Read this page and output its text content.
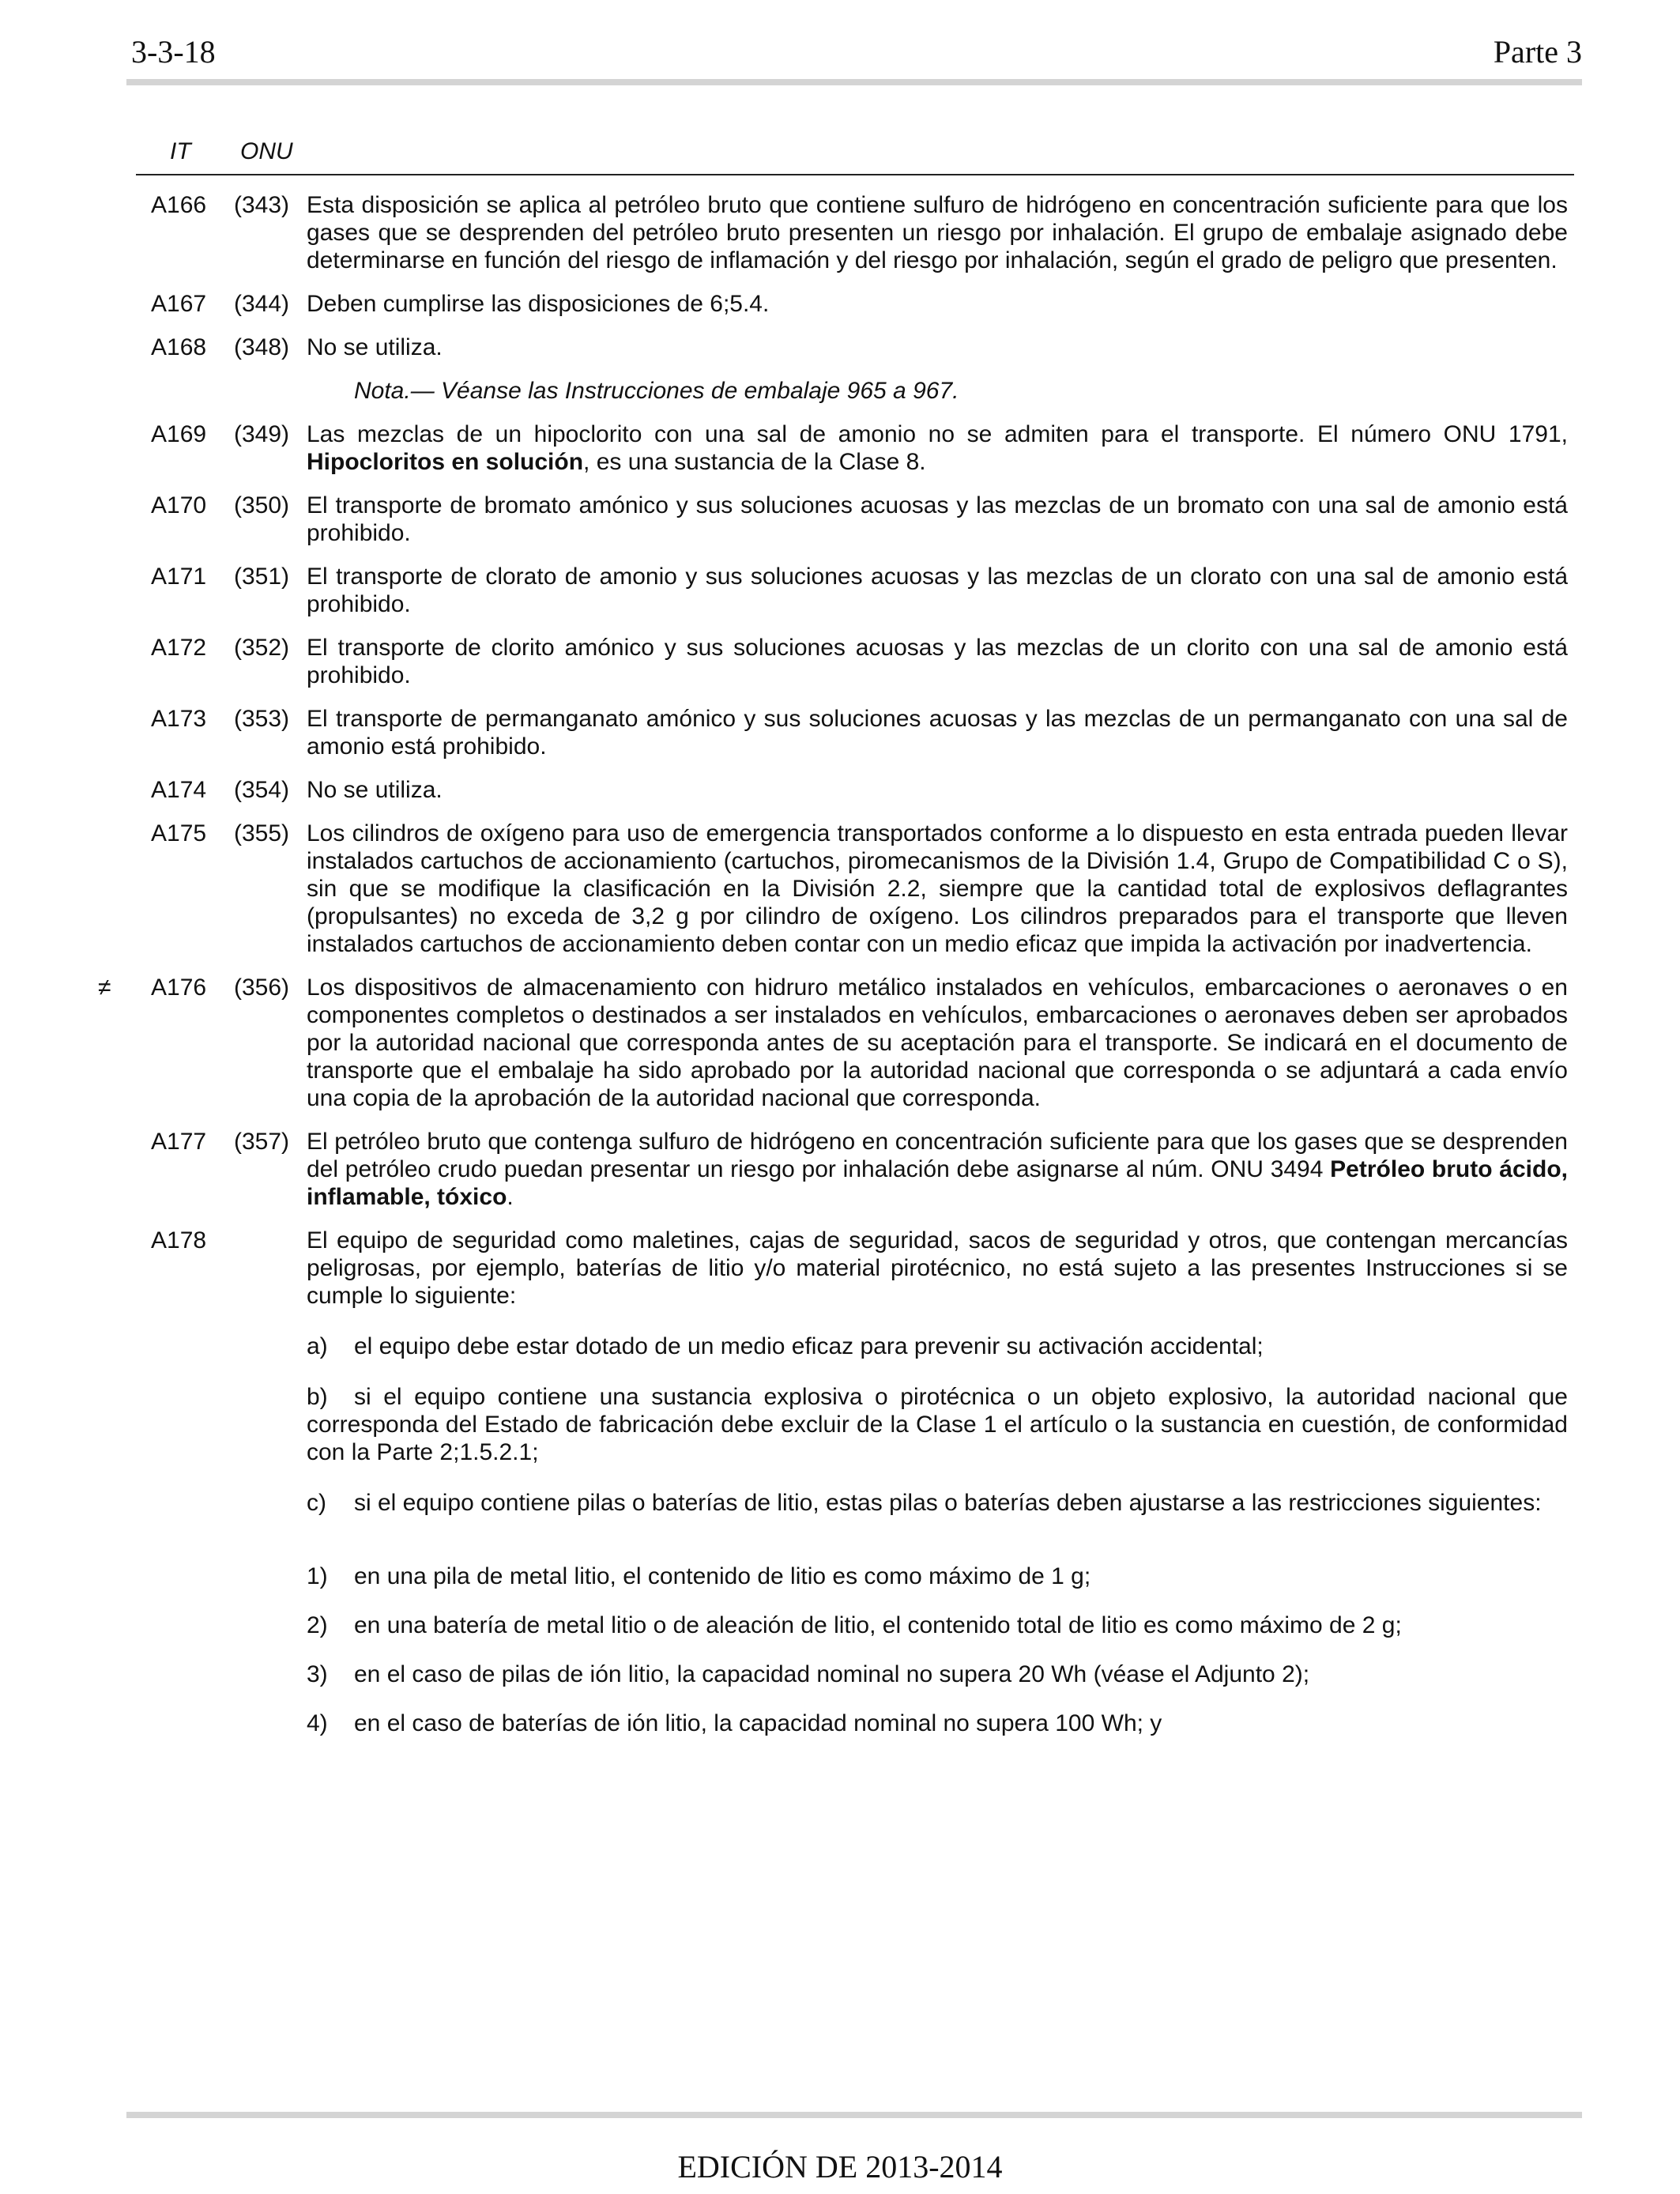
3-3-18	Parte 3
IT ONU
A166 (343) Esta disposición se aplica al petróleo bruto que contiene sulfuro de hidrógeno en concentración suficiente para que los gases que se desprenden del petróleo bruto presenten un riesgo por inhalación. El grupo de embalaje asignado debe determinarse en función del riesgo de inflamación y del riesgo por inhalación, según el grado de peligro que presenten.
A167 (344) Deben cumplirse las disposiciones de 6;5.4.
A168 (348) No se utiliza.
Nota.— Véanse las Instrucciones de embalaje 965 a 967.
A169 (349) Las mezclas de un hipoclorito con una sal de amonio no se admiten para el transporte. El número ONU 1791, Hipocloritos en solución, es una sustancia de la Clase 8.
A170 (350) El transporte de bromato amónico y sus soluciones acuosas y las mezclas de un bromato con una sal de amonio está prohibido.
A171 (351) El transporte de clorato de amonio y sus soluciones acuosas y las mezclas de un clorato con una sal de amonio está prohibido.
A172 (352) El transporte de clorito amónico y sus soluciones acuosas y las mezclas de un clorito con una sal de amonio está prohibido.
A173 (353) El transporte de permanganato amónico y sus soluciones acuosas y las mezclas de un permanganato con una sal de amonio está prohibido.
A174 (354) No se utiliza.
A175 (355) Los cilindros de oxígeno para uso de emergencia transportados conforme a lo dispuesto en esta entrada pueden llevar instalados cartuchos de accionamiento (cartuchos, piromecanismos de la División 1.4, Grupo de Compatibilidad C o S), sin que se modifique la clasificación en la División 2.2, siempre que la cantidad total de explosivos deflagrantes (propulsantes) no exceda de 3,2 g por cilindro de oxígeno. Los cilindros preparados para el transporte que lleven instalados cartuchos de accionamiento deben contar con un medio eficaz que impida la activación por inadvertencia.
≠ A176 (356) Los dispositivos de almacenamiento con hidruro metálico instalados en vehículos, embarcaciones o aeronaves o en componentes completos o destinados a ser instalados en vehículos, embarcaciones o aeronaves deben ser aprobados por la autoridad nacional que corresponda antes de su aceptación para el transporte. Se indicará en el documento de transporte que el embalaje ha sido aprobado por la autoridad nacional que corresponda o se adjuntará a cada envío una copia de la aprobación de la autoridad nacional que corresponda.
A177 (357) El petróleo bruto que contenga sulfuro de hidrógeno en concentración suficiente para que los gases que se desprenden del petróleo crudo puedan presentar un riesgo por inhalación debe asignarse al núm. ONU 3494 Petróleo bruto ácido, inflamable, tóxico.
A178	El equipo de seguridad como maletines, cajas de seguridad, sacos de seguridad y otros, que contengan mercancías peligrosas, por ejemplo, baterías de litio y/o material pirotécnico, no está sujeto a las presentes Instrucciones si se cumple lo siguiente:
a) el equipo debe estar dotado de un medio eficaz para prevenir su activación accidental;
b) si el equipo contiene una sustancia explosiva o pirotécnica o un objeto explosivo, la autoridad nacional que corresponda del Estado de fabricación debe excluir de la Clase 1 el artículo o la sustancia en cuestión, de conformidad con la Parte 2;1.5.2.1;
c) si el equipo contiene pilas o baterías de litio, estas pilas o baterías deben ajustarse a las restricciones siguientes:
1) en una pila de metal litio, el contenido de litio es como máximo de 1 g;
2) en una batería de metal litio o de aleación de litio, el contenido total de litio es como máximo de 2 g;
3) en el caso de pilas de ión litio, la capacidad nominal no supera 20 Wh (véase el Adjunto 2);
4) en el caso de baterías de ión litio, la capacidad nominal no supera 100 Wh; y
EDICIÓN DE 2013-2014
